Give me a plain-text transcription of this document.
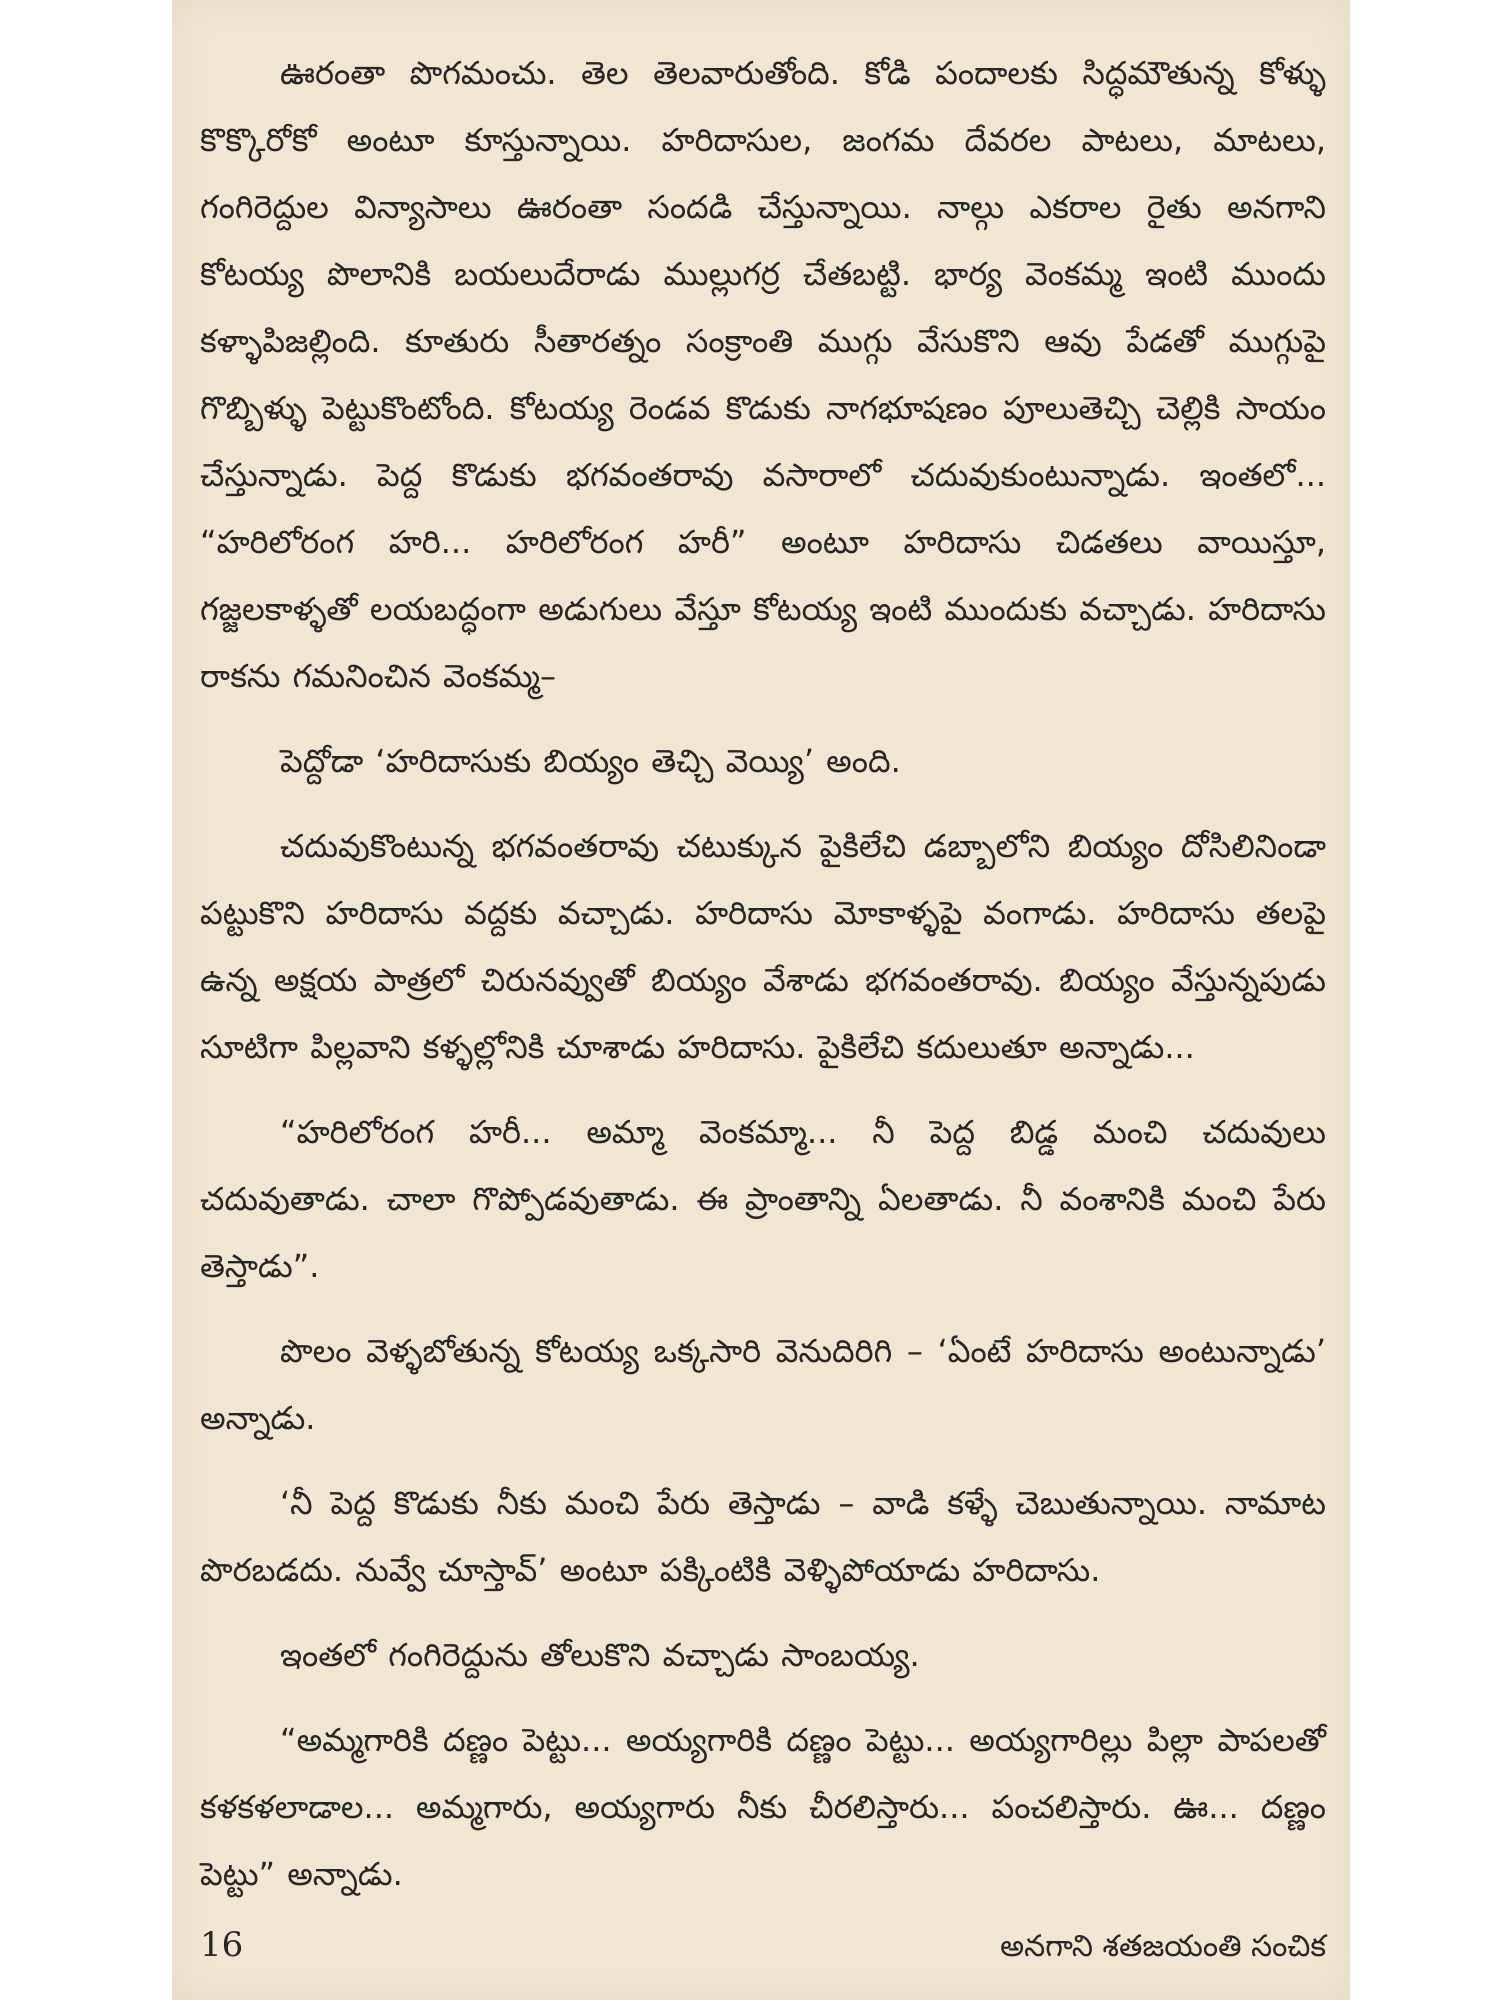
ఊరంతా పొగమంచు. తెల తెలవారుతోంది. కోడి పందాలకు సిద్ధమౌతున్న కోళ్ళు కొక్కొరోకో అంటూ కూస్తున్నాయి. హరిదాసుల, జంగమ దేవరల పాటలు, మాటలు, గంగిరెద్దుల విన్యాసాలు ఊరంతా సందడి చేస్తున్నాయి. నాల్గు ఎకరాల రైతు అనగాని కోటయ్య పొలానికి బయలుదేరాడు ముల్లుగర్ర చేతబట్టి. భార్య వెంకమ్మ ఇంటి ముందు కళ్ళాపిజల్లింది. కూతురు సీతారత్నం సంక్రాంతి ముగ్గు వేసుకొని ఆవు పేడతో ముగ్గుపై గొబ్బిళ్ళు పెట్టుకొంటోంది. కోటయ్య రెండవ కొడుకు నాగభూషణం పూలుతెచ్చి చెల్లికి సాయం చేస్తున్నాడు. పెద్ద కొడుకు భగవంతరావు వసారాలో చదువుకుంటున్నాడు. ఇంతలో... “హరిలోరంగ హరి... హరిలోరంగ హరీ” అంటూ హరిదాసు చిడతలు వాయిస్తూ, గజ్జలకాళ్ళతో లయబద్ధంగా అడుగులు వేస్తూ కోటయ్య ఇంటి ముందుకు వచ్చాడు. హరిదాసు రాకను గమనించిన వెంకమ్మ–

పెద్దోడా ‘హరిదాసుకు బియ్యం తెచ్చి వెయ్యి’ అంది.

చదువుకొంటున్న భగవంతరావు చటుక్కున పైకిలేచి డబ్బాలోని బియ్యం దోసిలినిండా పట్టుకొని హరిదాసు వద్దకు వచ్చాడు. హరిదాసు మోకాళ్ళపై వంగాడు. హరిదాసు తలపై ఉన్న అక్షయ పాత్రలో చిరునవ్వుతో బియ్యం వేశాడు భగవంతరావు. బియ్యం వేస్తున్నపుడు సూటిగా పిల్లవాని కళ్ళల్లోనికి చూశాడు హరిదాసు. పైకిలేచి కదులుతూ అన్నాడు...

“హరిలోరంగ హరీ... అమ్మా వెంకమ్మా... నీ పెద్ద బిడ్డ మంచి చదువులు చదువుతాడు. చాలా గొప్పోడవుతాడు. ఈ ప్రాంతాన్ని ఏలతాడు. నీ వంశానికి మంచి పేరు తెస్తాడు”.

పొలం వెళ్ళబోతున్న కోటయ్య ఒక్కసారి వెనుదిరిగి – ‘ఏంటే హరిదాసు అంటున్నాడు’ అన్నాడు.

‘నీ పెద్ద కొడుకు నీకు మంచి పేరు తెస్తాడు – వాడి కళ్ళే చెబుతున్నాయి. నామాట పొరబడదు. నువ్వే చూస్తావ్’ అంటూ పక్కింటికి వెళ్ళిపోయాడు హరిదాసు.

ఇంతలో గంగిరెద్దును తోలుకొని వచ్చాడు సాంబయ్య.

“అమ్మగారికి దణ్ణం పెట్టు... అయ్యగారికి దణ్ణం పెట్టు... అయ్యగారిల్లు పిల్లా పాపలతో కళకళలాడాల... అమ్మగారు, అయ్యగారు నీకు చీరలిస్తారు... పంచలిస్తారు. ఊ... దణ్ణం పెట్టు” అన్నాడు.

16	అనగాని శతజయంతి సంచిక
